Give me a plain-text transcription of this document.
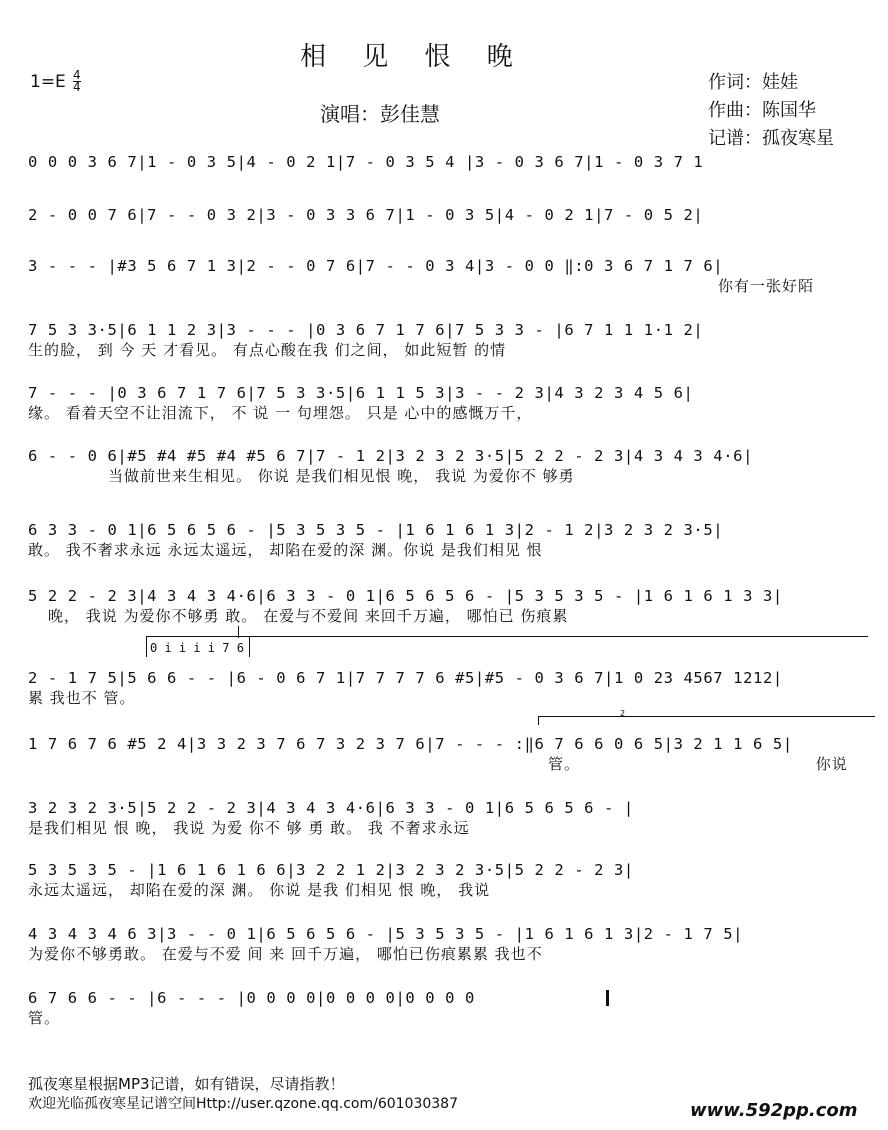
相 见 恨 晚
1=E 4
4
演唱：彭佳慧
作词：娃娃
作曲：陈国华
记谱：孤夜寒星
0 0 0 3 6 7|1 - 0 3 5|4 - 0 2 1|7 - 0 3 5 4 |3 - 0 3 6 7|1 - 0 3 7 1
2 - 0 0 7 6|7 - - 0 3 2|3 - 0 3 3 6 7|1 - 0 3 5|4 - 0 2 1|7 - 0 5 2|
3 - - - |#3 5 6 7 1 3|2 - - 0 7 6|7 - - 0 3 4|3 - 0 0 ‖:0 3 6 7 1 7 6|
你有一张好陌
7 5 3 3·5|6 1 1 2 3|3 - - - |0 3 6 7 1 7 6|7 5 3 3 - |6 7 1 1 1·1 2|
生的脸， 到 今 天 才看见。 有点心酸在我 们之间， 如此短暂 的情
7 - - - |0 3 6 7 1 7 6|7 5 3 3·5|6 1 1 5 3|3 - - 2 3|4 3 2 3 4 5 6|
缘。 看着天空不让泪流下， 不 说 一 句埋怨。 只是 心中的感慨万千，
6 - - 0 6|#5 #4 #5 #4 #5 6 7|7 - 1 2|3 2 3 2 3·5|5 2 2 - 2 3|4 3 4 3 4·6|
当做前世来生相见。 你说 是我们相见恨 晚， 我说 为爱你不 够勇
6 3 3 - 0 1|6 5 6 5 6 - |5 3 5 3 5 - |1 6 1 6 1 3|2 - 1 2|3 2 3 2 3·5|
敢。 我不奢求永远 永远太遥远， 却陷在爱的深 渊。你说 是我们相见 恨
5 2 2 - 2 3|4 3 4 3 4·6|6 3 3 - 0 1|6 5 6 5 6 - |5 3 5 3 5 - |1 6 1 6 1 3 3|
晚， 我说 为爱你不够勇 敢。 在爱与不爱间 来回千万遍， 哪怕已 伤痕累
0 i i i i 7 6
2 - 1 7 5|5 6 6 - - |6 - 0 6 7 1|7 7 7 7 6 #5|#5 - 0 3 6 7|1 0 23 4567 1212|
累 我也不 管。
2
1 7 6 7 6 #5 2 4|3 3 2 3 7 6 7 3 2 3 7 6|7 - - - :‖6 7 6 6 0 6 5|3 2 1 1 6 5|
管。 你说
3 2 3 2 3·5|5 2 2 - 2 3|4 3 4 3 4·6|6 3 3 - 0 1|6 5 6 5 6 - |
是我们相见 恨 晚， 我说 为爱 你不 够 勇 敢。 我 不奢求永远
5 3 5 3 5 - |1 6 1 6 1 6 6|3 2 2 1 2|3 2 3 2 3·5|5 2 2 - 2 3|
永远太遥远， 却陷在爱的深 渊。 你说 是我 们相见 恨 晚， 我说
4 3 4 3 4 6 3|3 - - 0 1|6 5 6 5 6 - |5 3 5 3 5 - |1 6 1 6 1 3|2 - 1 7 5|
为爱你不够勇敢。 在爱与不爱 间 来 回千万遍， 哪怕已伤痕累累 我也不
6 7 6 6 - - |6 - - - |0 0 0 0|0 0 0 0|0 0 0 0
管。
孤夜寒星根据MP3记谱，如有错误，尽请指教！
欢迎光临孤夜寒星记谱空间Http://user.qzone.qq.com/601030387	www.592pp.com
